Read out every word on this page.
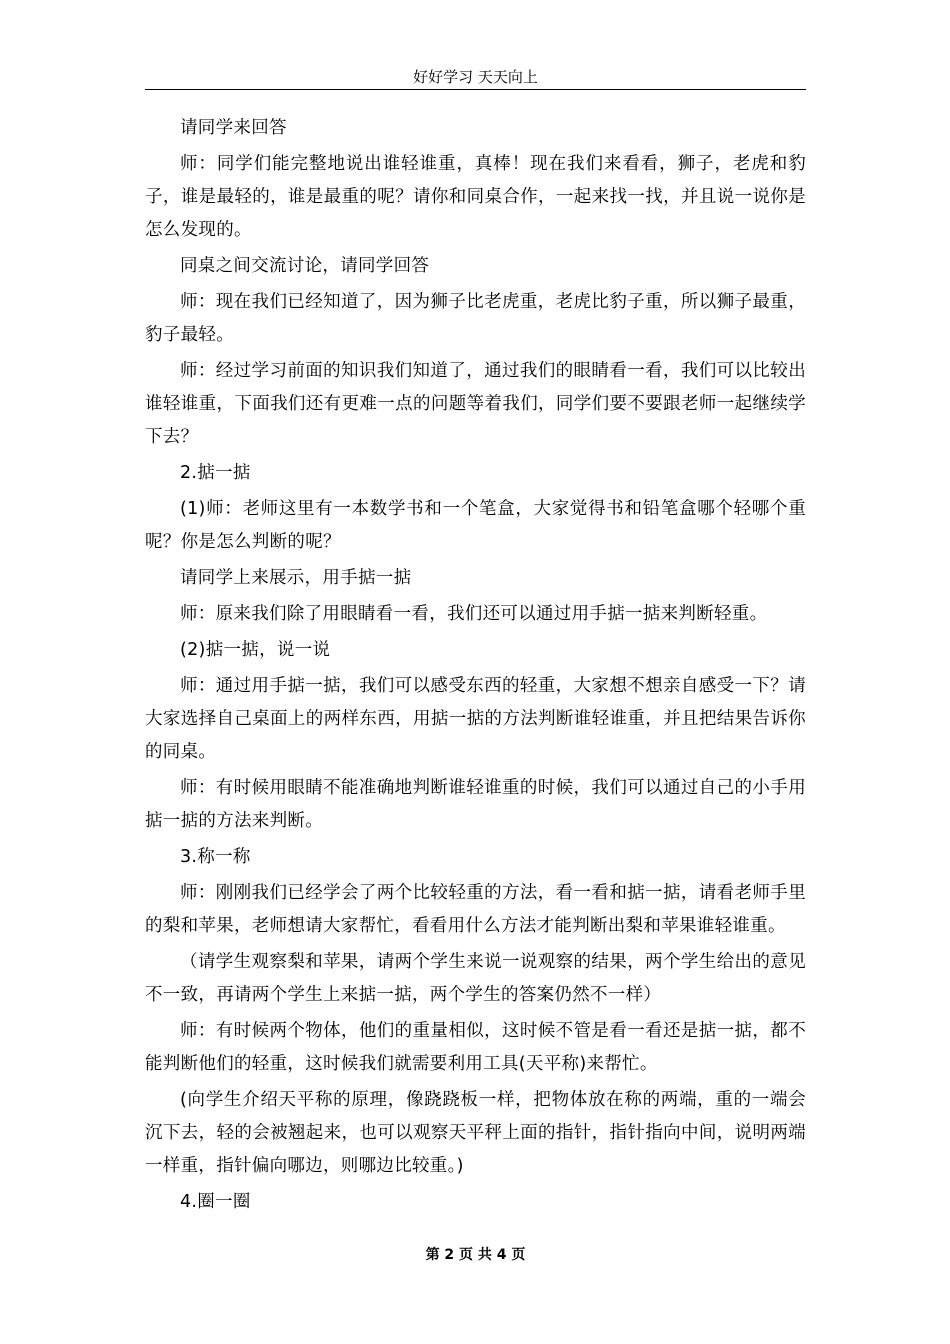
好好学习 天天向上

请同学来回答

师：同学们能完整地说出谁轻谁重，真棒！现在我们来看看，狮子，老虎和豹子，谁是最轻的，谁是最重的呢？请你和同桌合作，一起来找一找，并且说一说你是怎么发现的。

同桌之间交流讨论，请同学回答

师：现在我们已经知道了，因为狮子比老虎重，老虎比豹子重，所以狮子最重，豹子最轻。

师：经过学习前面的知识我们知道了，通过我们的眼睛看一看，我们可以比较出谁轻谁重，下面我们还有更难一点的问题等着我们，同学们要不要跟老师一起继续学下去？

2.掂一掂

(1)师：老师这里有一本数学书和一个笔盒，大家觉得书和铅笔盒哪个轻哪个重呢？你是怎么判断的呢？

请同学上来展示，用手掂一掂

师：原来我们除了用眼睛看一看，我们还可以通过用手掂一掂来判断轻重。

(2)掂一掂，说一说

师：通过用手掂一掂，我们可以感受东西的轻重，大家想不想亲自感受一下？请大家选择自己桌面上的两样东西，用掂一掂的方法判断谁轻谁重，并且把结果告诉你的同桌。

师：有时候用眼睛不能准确地判断谁轻谁重的时候，我们可以通过自己的小手用掂一掂的方法来判断。

3.称一称

师：刚刚我们已经学会了两个比较轻重的方法，看一看和掂一掂，请看老师手里的梨和苹果，老师想请大家帮忙，看看用什么方法才能判断出梨和苹果谁轻谁重。

（请学生观察梨和苹果，请两个学生来说一说观察的结果，两个学生给出的意见不一致，再请两个学生上来掂一掂，两个学生的答案仍然不一样）

师：有时候两个物体，他们的重量相似，这时候不管是看一看还是掂一掂，都不能判断他们的轻重，这时候我们就需要利用工具(天平称)来帮忙。

(向学生介绍天平称的原理，像跷跷板一样，把物体放在称的两端，重的一端会沉下去，轻的会被翘起来，也可以观察天平秤上面的指针，指针指向中间，说明两端一样重，指针偏向哪边，则哪边比较重。)

4.圈一圈

第 2 页 共 4 页
